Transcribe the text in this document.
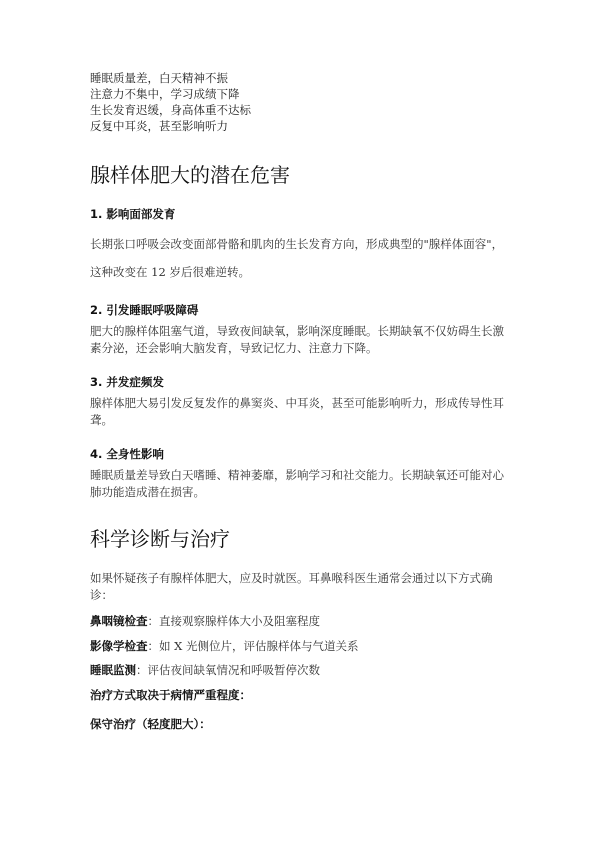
睡眠质量差，白天精神不振

注意力不集中，学习成绩下降

生长发育迟缓，身高体重不达标

反复中耳炎，甚至影响听力

腺样体肥大的潜在危害
1. 影响面部发育

长期张口呼吸会改变面部骨骼和肌肉的生长发育方向，形成典型的"腺样体面容"，

这种改变在 12 岁后很难逆转。

2. 引发睡眠呼吸障碍

肥大的腺样体阻塞气道，导致夜间缺氧，影响深度睡眠。长期缺氧不仅妨碍生长激素分泌，还会影响大脑发育，导致记忆力、注意力下降。

3. 并发症频发

腺样体肥大易引发反复发作的鼻窦炎、中耳炎，甚至可能影响听力，形成传导性耳聋。

4. 全身性影响

睡眠质量差导致白天嗜睡、精神萎靡，影响学习和社交能力。长期缺氧还可能对心肺功能造成潜在损害。

科学诊断与治疗

如果怀疑孩子有腺样体肥大，应及时就医。耳鼻喉科医生通常会通过以下方式确诊：

鼻咽镜检查：直接观察腺样体大小及阻塞程度

影像学检查：如 X 光侧位片，评估腺样体与气道关系

睡眠监测：评估夜间缺氧情况和呼吸暂停次数

治疗方式取决于病情严重程度：

保守治疗（轻度肥大）：
